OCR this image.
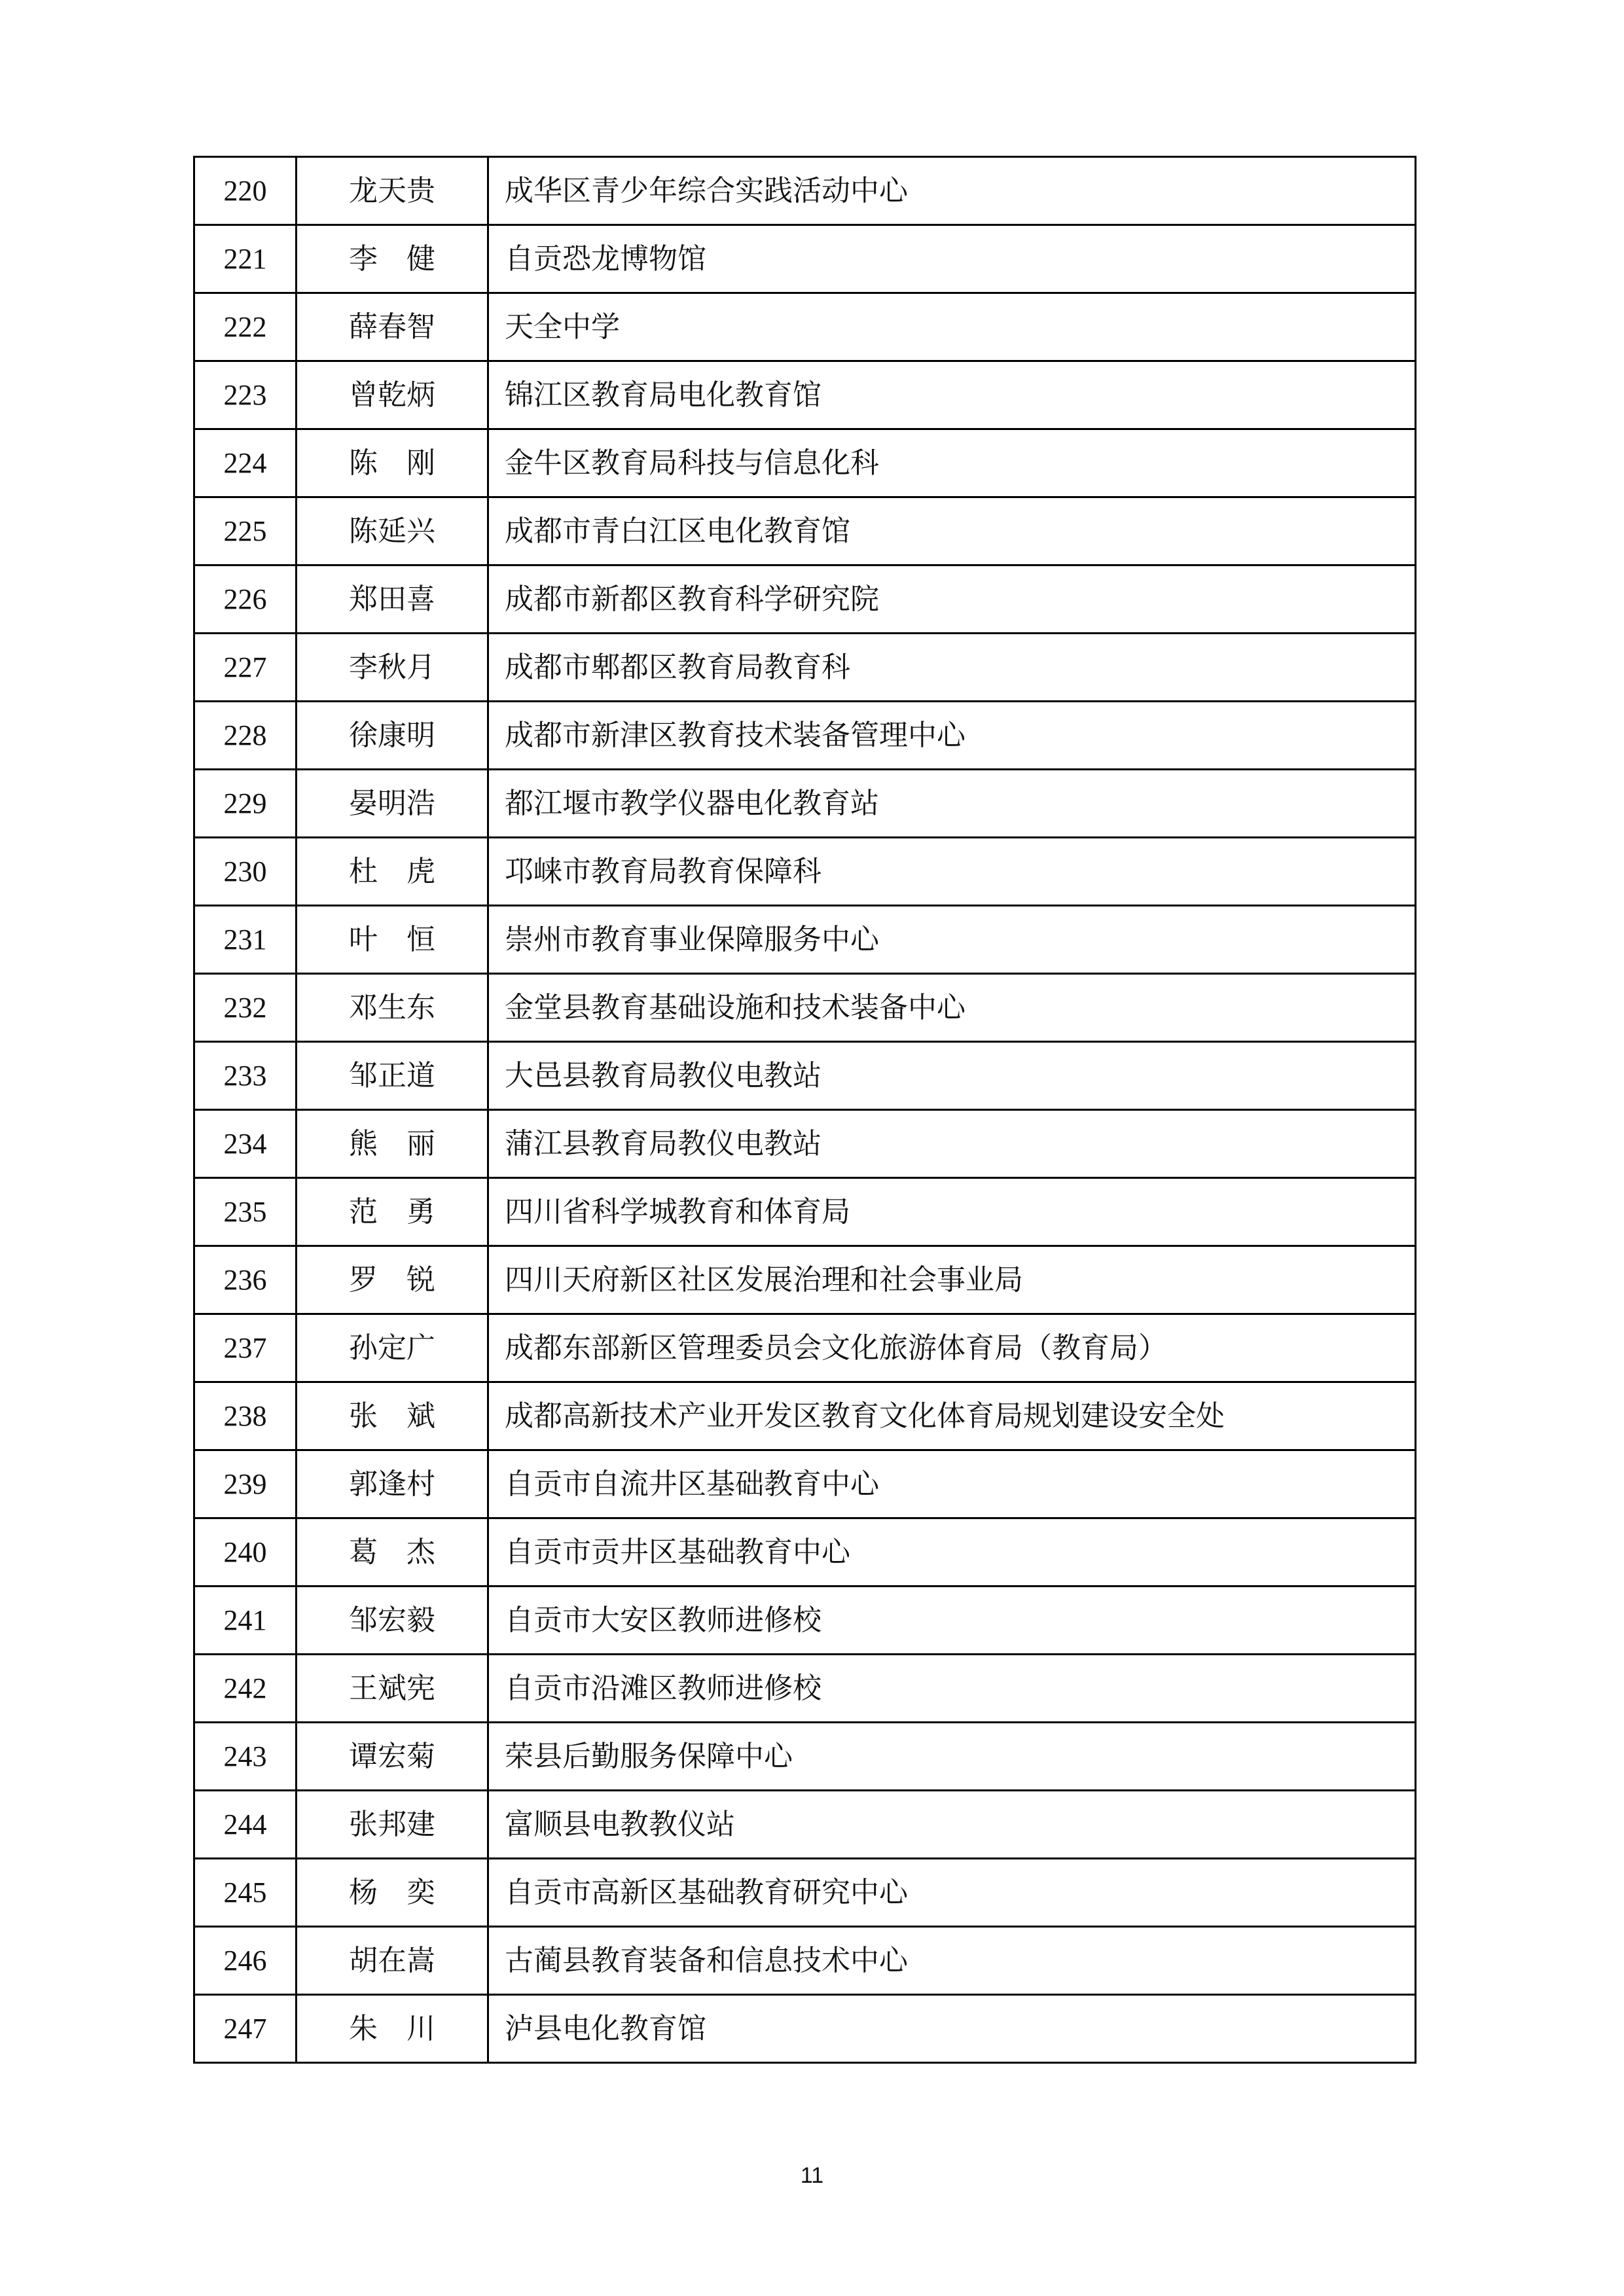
220	龙天贵	成华区青少年综合实践活动中心
221	李　健	自贡恐龙博物馆
222	薛春智	天全中学
223	曾乾炳	锦江区教育局电化教育馆
224	陈　刚	金牛区教育局科技与信息化科
225	陈延兴	成都市青白江区电化教育馆
226	郑田喜	成都市新都区教育科学研究院
227	李秋月	成都市郫都区教育局教育科
228	徐康明	成都市新津区教育技术装备管理中心
229	晏明浩	都江堰市教学仪器电化教育站
230	杜　虎	邛崃市教育局教育保障科
231	叶　恒	崇州市教育事业保障服务中心
232	邓生东	金堂县教育基础设施和技术装备中心
233	邹正道	大邑县教育局教仪电教站
234	熊　丽	蒲江县教育局教仪电教站
235	范　勇	四川省科学城教育和体育局
236	罗　锐	四川天府新区社区发展治理和社会事业局
237	孙定广	成都东部新区管理委员会文化旅游体育局（教育局）
238	张　斌	成都高新技术产业开发区教育文化体育局规划建设安全处
239	郭逢村	自贡市自流井区基础教育中心
240	葛　杰	自贡市贡井区基础教育中心
241	邹宏毅	自贡市大安区教师进修校
242	王斌宪	自贡市沿滩区教师进修校
243	谭宏菊	荣县后勤服务保障中心
244	张邦建	富顺县电教教仪站
245	杨　奕	自贡市高新区基础教育研究中心
246	胡在嵩	古蔺县教育装备和信息技术中心
247	朱　川	泸县电化教育馆
11
